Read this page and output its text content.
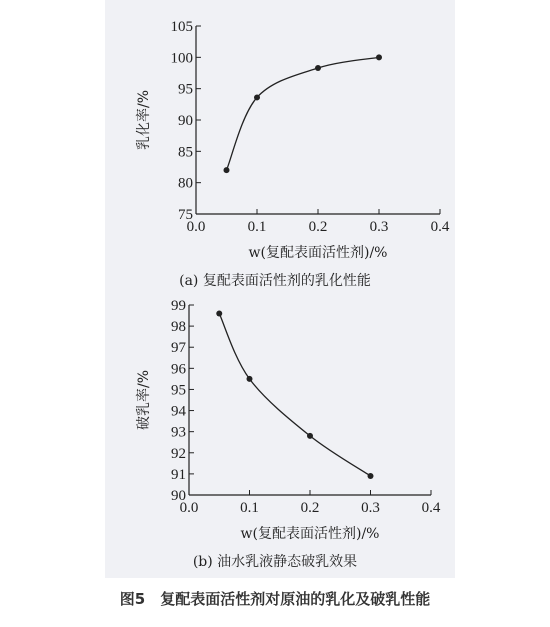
75
80
85
90
95
100
105
0.0	0.1	0.2	0.3	0.4
乳化率/%
w(复配表面活性剂)/%
(a) 复配表面活性剂的乳化性能
90
91
92
93
94
95
96
97
98
99
0.0	0.1	0.2	0.3	0.4
破乳率/%
w(复配表面活性剂)/%
(b) 油水乳液静态破乳效果
图5　复配表面活性剂对原油的乳化及破乳性能
